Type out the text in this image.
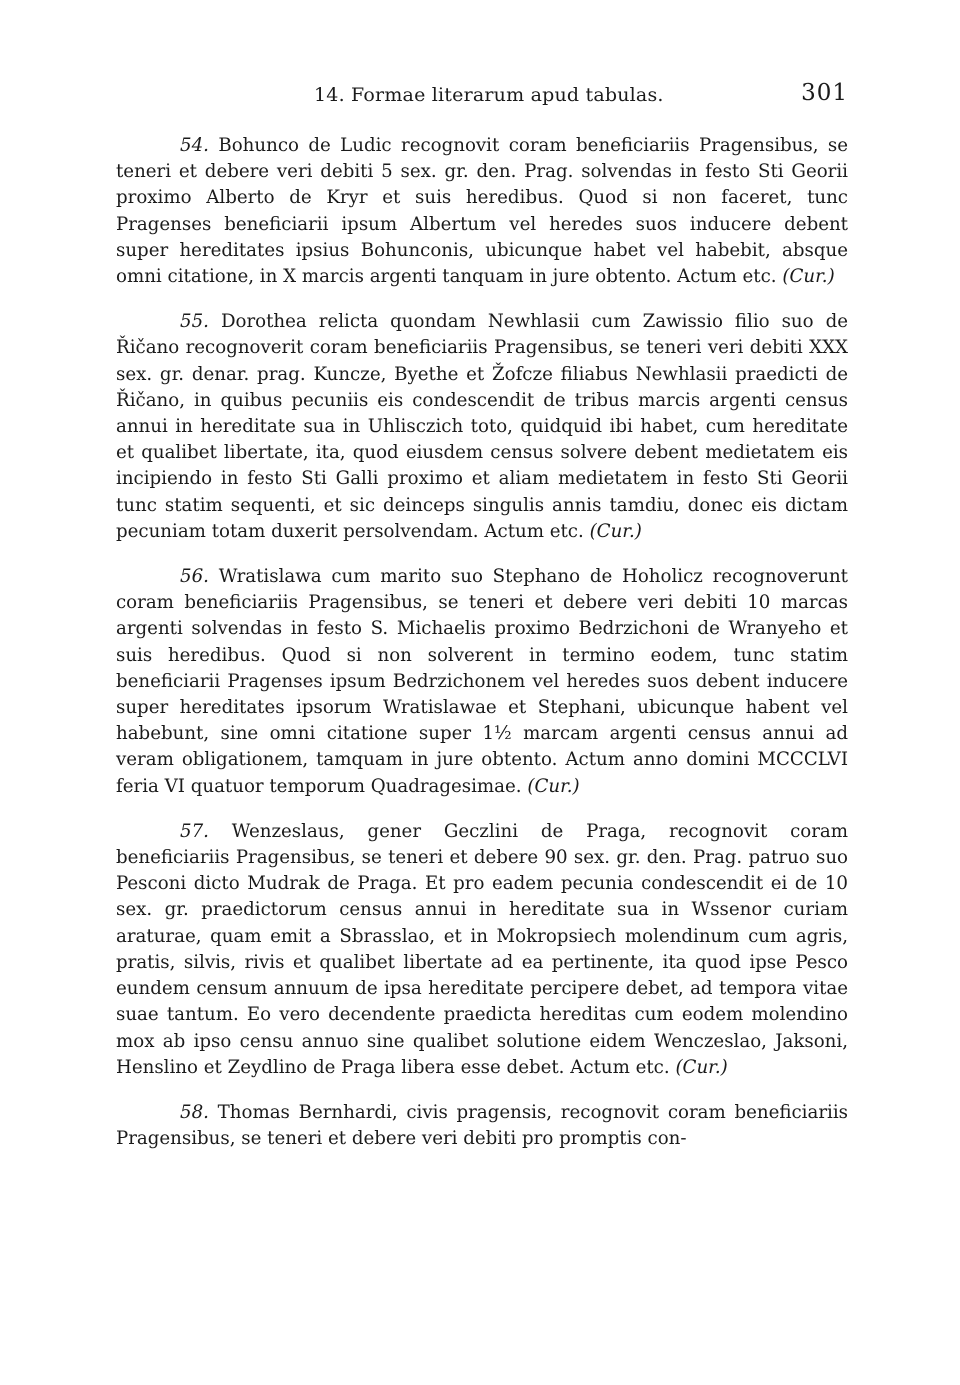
14. Formae literarum apud tabulas.	301

54. Bohunco de Ludic recognovit coram beneficiariis Pragensibus, se teneri et debere veri debiti 5 sex. gr. den. Prag. solvendas in festo Sti Georii proximo Alberto de Kryr et suis heredibus. Quod si non faceret, tunc Pragenses beneficiarii ipsum Albertum vel heredes suos inducere debent super hereditates ipsius Bohunconis, ubicunque habet vel habebit, absque omni citatione, in X marcis argenti tanquam in jure obtento. Actum etc. (Cur.)

55. Dorothea relicta quondam Newhlasii cum Zawissio filio suo de Řičano recognoverit coram beneficiariis Pragensibus, se teneri veri debiti XXX sex. gr. denar. prag. Kuncze, Byethe et Žofcze filiabus Newhlasii praedicti de Řičano, in quibus pecuniis eis condescendit de tribus marcis argenti census annui in hereditate sua in Uhlisczich toto, quidquid ibi habet, cum hereditate et qualibet libertate, ita, quod eiusdem census solvere debent medietatem eis incipiendo in festo Sti Galli proximo et aliam medietatem in festo Sti Georii tunc statim sequenti, et sic deinceps singulis annis tamdiu, donec eis dictam pecuniam totam duxerit persolvendam. Actum etc. (Cur.)

56. Wratislawa cum marito suo Stephano de Hoholicz recognoverunt coram beneficiariis Pragensibus, se teneri et debere veri debiti 10 marcas argenti solvendas in festo S. Michaelis proximo Bedrzichoni de Wranyeho et suis heredibus. Quod si non solverent in termino eodem, tunc statim beneficiarii Pragenses ipsum Bedrzichonem vel heredes suos debent inducere super hereditates ipsorum Wratislawae et Stephani, ubicunque habent vel habebunt, sine omni citatione super 1½ marcam argenti census annui ad veram obligationem, tamquam in jure obtento. Actum anno domini MCCCLVI feria VI quatuor temporum Quadragesimae. (Cur.)

57. Wenzeslaus, gener Geczlini de Praga, recognovit coram beneficiariis Pragensibus, se teneri et debere 90 sex. gr. den. Prag. patruo suo Pesconi dicto Mudrak de Praga. Et pro eadem pecunia condescendit ei de 10 sex. gr. praedictorum census annui in hereditate sua in Wssenor curiam araturae, quam emit a Sbrasslao, et in Mokropsiech molendinum cum agris, pratis, silvis, rivis et qualibet libertate ad ea pertinente, ita quod ipse Pesco eundem censum annuum de ipsa hereditate percipere debet, ad tempora vitae suae tantum. Eo vero decendente praedicta hereditas cum eodem molendino mox ab ipso censu annuo sine qualibet solutione eidem Wenczeslao, Jaksoni, Henslino et Zeydlino de Praga libera esse debet. Actum etc. (Cur.)

58. Thomas Bernhardi, civis pragensis, recognovit coram beneficiariis Pragensibus, se teneri et debere veri debiti pro promptis con-
